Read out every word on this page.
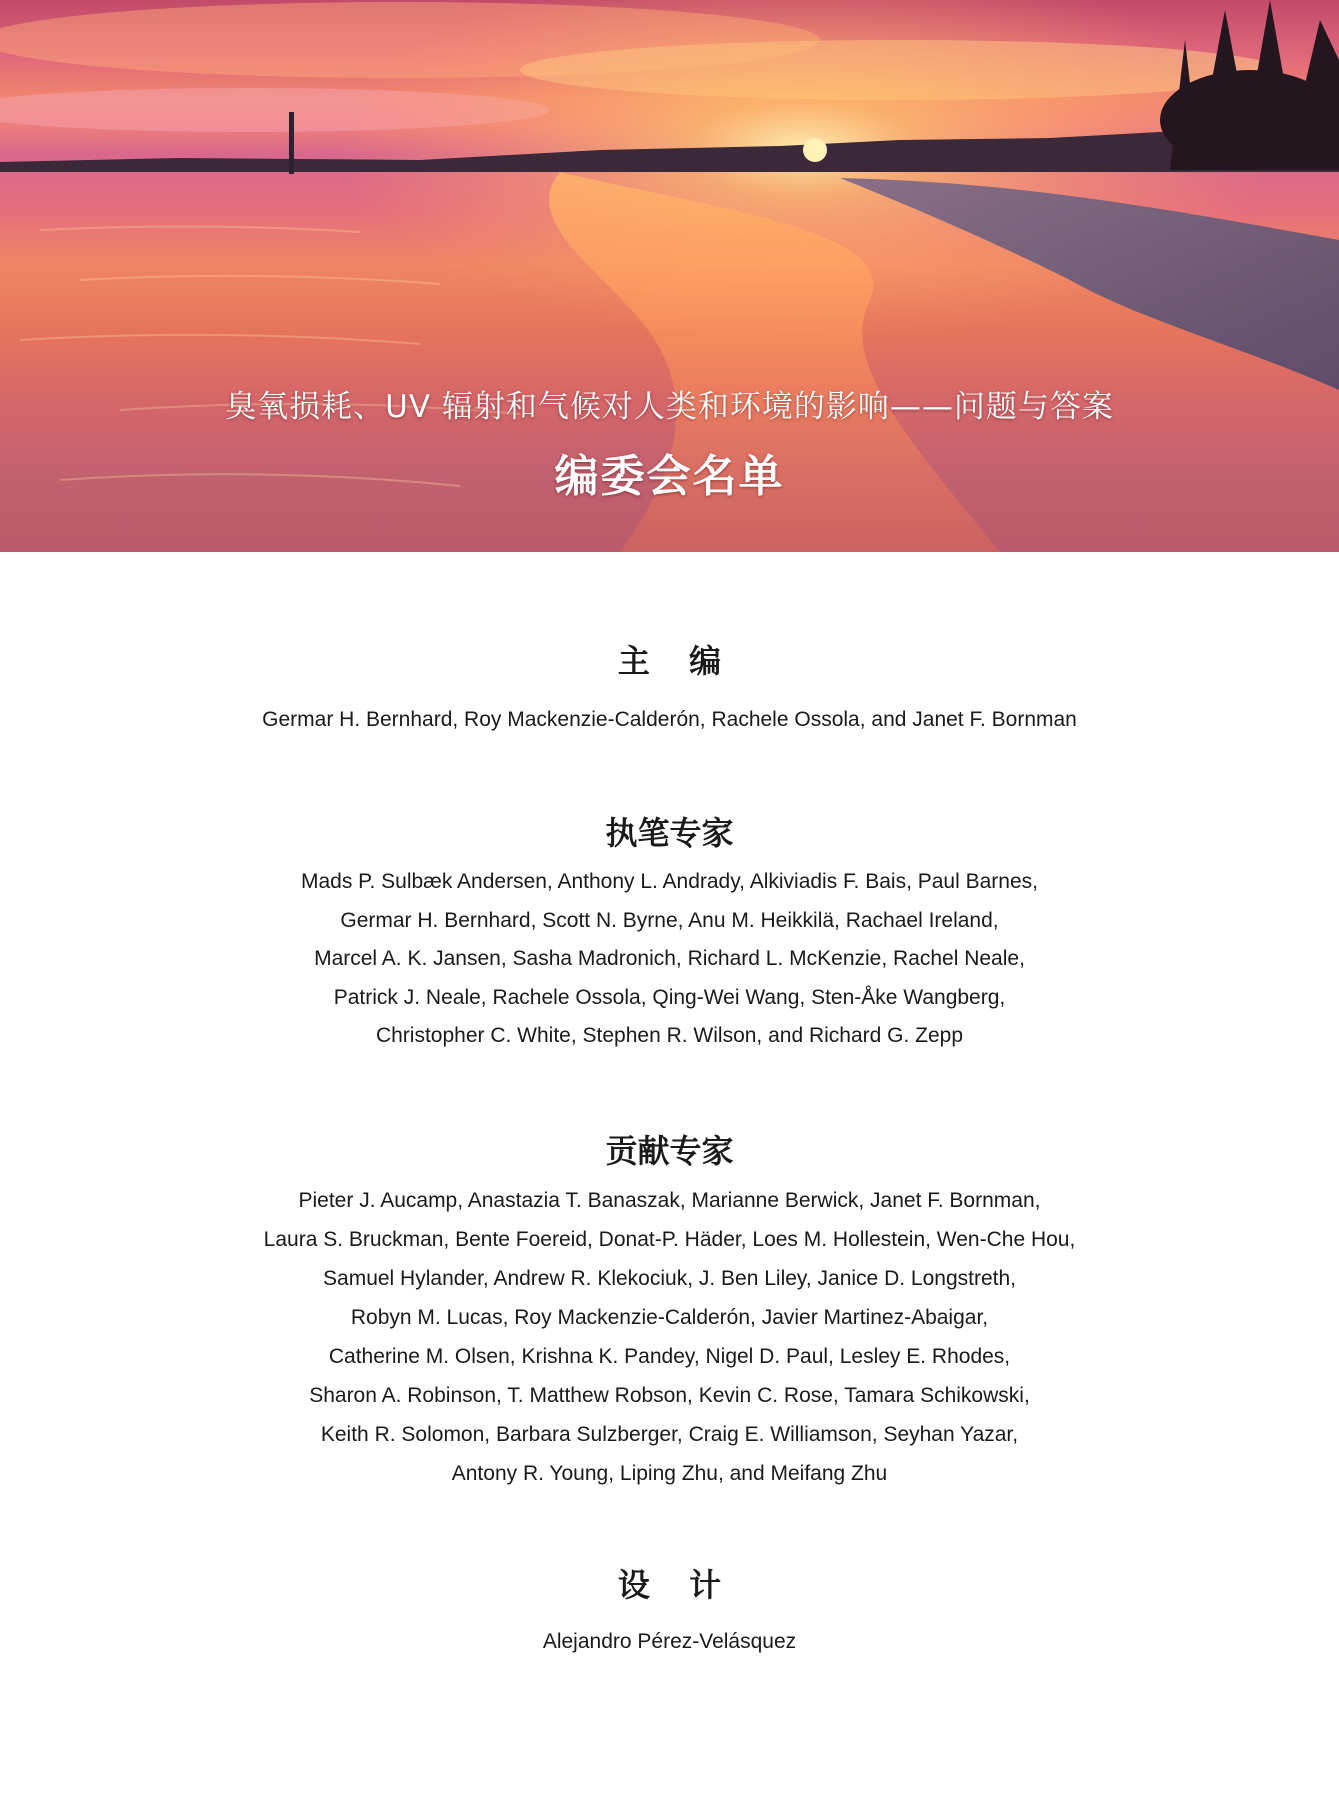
臭氧损耗、UV 辐射和气候对人类和环境的影响——问题与答案
编委会名单
主 编
Germar H. Bernhard, Roy Mackenzie-Calderón, Rachele Ossola, and Janet F. Bornman
执笔专家
Mads P. Sulbæk Andersen, Anthony L. Andrady, Alkiviadis F. Bais, Paul Barnes,
Germar H. Bernhard, Scott N. Byrne, Anu M. Heikkilä, Rachael Ireland,
Marcel A. K. Jansen, Sasha Madronich, Richard L. McKenzie, Rachel Neale,
Patrick J. Neale, Rachele Ossola, Qing-Wei Wang, Sten-Åke Wangberg,
Christopher C. White, Stephen R. Wilson, and Richard G. Zepp
贡献专家
Pieter J. Aucamp, Anastazia T. Banaszak, Marianne Berwick, Janet F. Bornman,
Laura S. Bruckman, Bente Foereid, Donat-P. Häder, Loes M. Hollestein, Wen-Che Hou,
Samuel Hylander, Andrew R. Klekociuk, J. Ben Liley, Janice D. Longstreth,
Robyn M. Lucas, Roy Mackenzie-Calderón, Javier Martinez-Abaigar,
Catherine M. Olsen, Krishna K. Pandey, Nigel D. Paul, Lesley E. Rhodes,
Sharon A. Robinson, T. Matthew Robson, Kevin C. Rose, Tamara Schikowski,
Keith R. Solomon, Barbara Sulzberger, Craig E. Williamson, Seyhan Yazar,
Antony R. Young, Liping Zhu, and Meifang Zhu
设 计
Alejandro Pérez-Velásquez
